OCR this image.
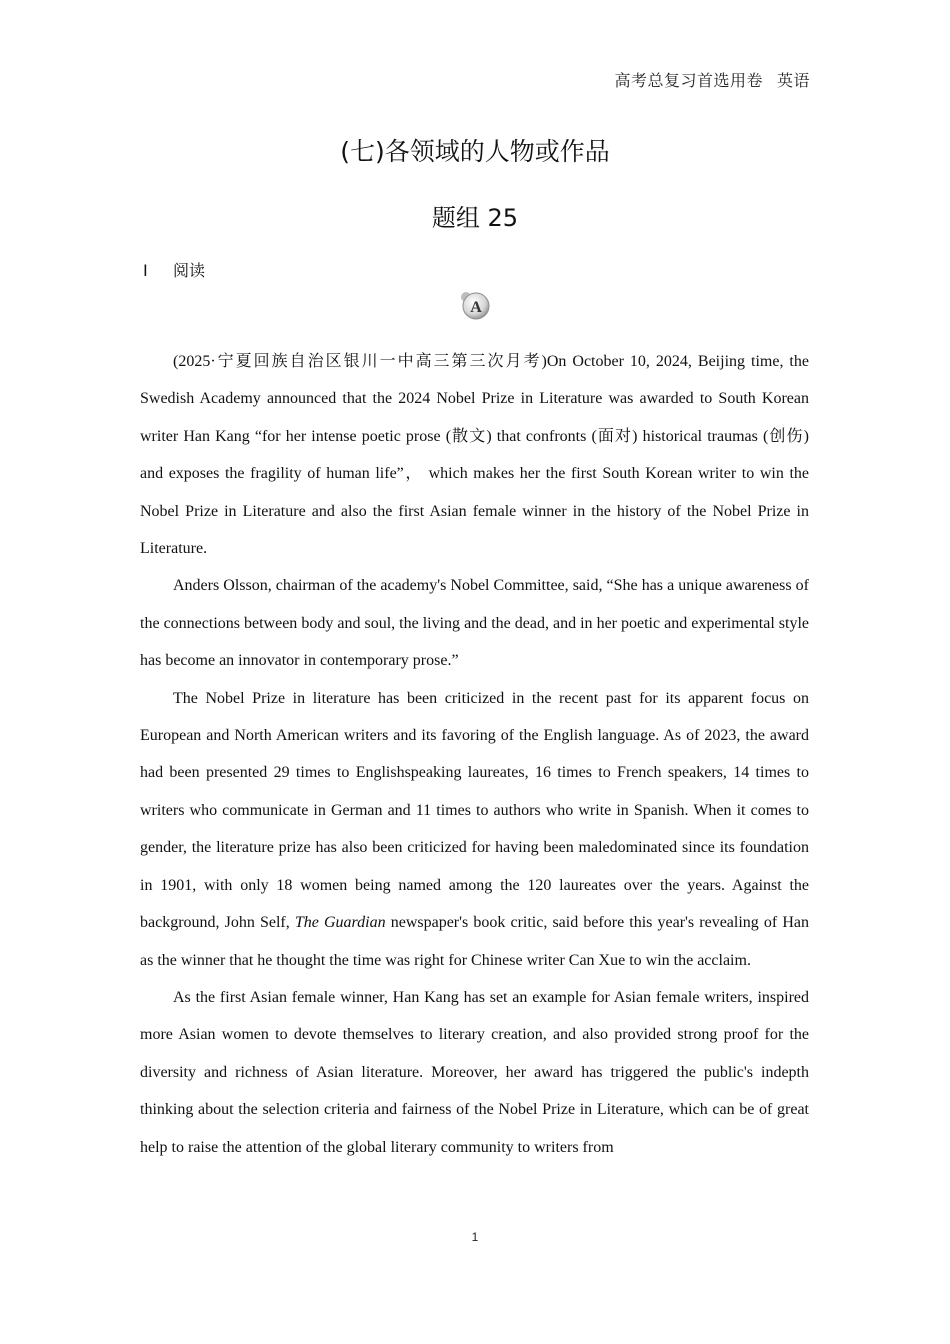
高考总复习首选用卷 英语
(七)各领域的人物或作品
题组 25
Ⅰ 阅读
A

(2025·宁夏回族自治区银川一中高三第三次月考)On October 10, 2024, Beijing time, the Swedish Academy announced that the 2024 Nobel Prize in Literature was awarded to South Korean writer Han Kang “for her intense poetic prose (散文) that confronts (面对) historical traumas (创伤) and exposes the fragility of human life”， which makes her the first South Korean writer to win the Nobel Prize in Literature and also the first Asian female winner in the history of the Nobel Prize in Literature.

Anders Olsson, chairman of the academy's Nobel Committee, said, “She has a unique awareness of the connections between body and soul, the living and the dead, and in her poetic and experimental style has become an innovator in contemporary prose.”

The Nobel Prize in literature has been criticized in the recent past for its apparent focus on European and North American writers and its favoring of the English language. As of 2023, the award had been presented 29 times to Englishspeaking laureates, 16 times to French speakers, 14 times to writers who communicate in German and 11 times to authors who write in Spanish. When it comes to gender, the literature prize has also been criticized for having been maledominated since its foundation in 1901, with only 18 women being named among the 120 laureates over the years. Against the background, John Self, The Guardian newspaper's book critic, said before this year's revealing of Han as the winner that he thought the time was right for Chinese writer Can Xue to win the acclaim.

As the first Asian female winner, Han Kang has set an example for Asian female writers, inspired more Asian women to devote themselves to literary creation, and also provided strong proof for the diversity and richness of Asian literature. Moreover, her award has triggered the public's indepth thinking about the selection criteria and fairness of the Nobel Prize in Literature, which can be of great help to raise the attention of the global literary community to writers from

1
